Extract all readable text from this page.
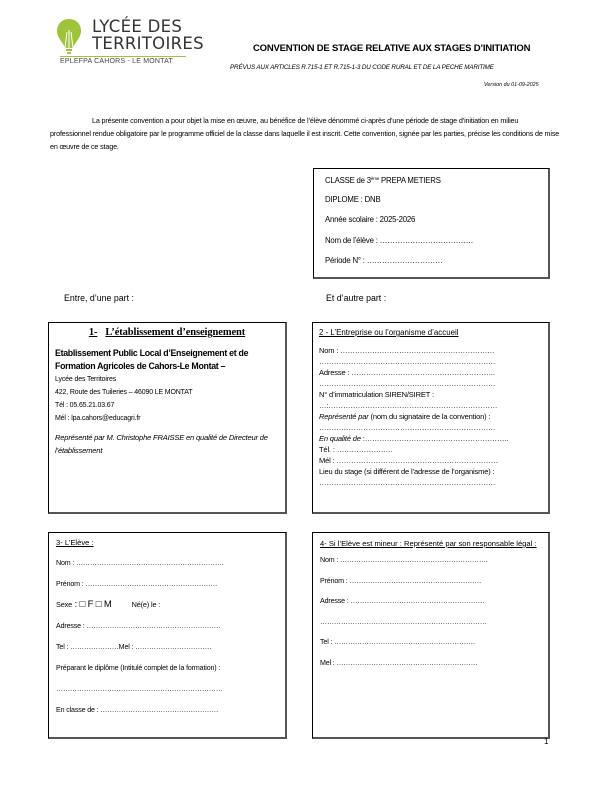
LYCÉE DES
TERRITOIRES
EPLEFPA CAHORS - LE MONTAT
CONVENTION DE STAGE RELATIVE AUX STAGES D’INITIATION
PRÉVUS AUX ARTICLES R.715-1 ET R.715-1-3 DU CODE RURAL ET DE LA PECHE MARITIME
Version du 01-09-2025
La présente convention a pour objet la mise en œuvre, au bénéfice de l’élève dénommé ci-après d’une période de stage d’initiation en milieu professionnel rendue obligatoire par le programme officiel de la classe dans laquelle il est inscrit. Cette convention, signée par les parties, précise les conditions de mise en œuvre de ce stage.
CLASSE de 3ème PREPA METIERS
DIPLOME : DNB
Année scolaire : 2025-2026
Nom de l’élève : ……………………………….
Période N° : …………………………
Entre, d’une part :	Et d’autre part :
1- L’établissement d’enseignement
Etablissement Public Local d’Enseignement et de Formation Agricoles de Cahors-Le Montat –
Lycée des Territoires
422, Route des Tuileries – 46090 LE MONTAT
Tél : 05.65.21.03.67
Mél : lpa.cahors@educagri.fr
Représenté par M. Christophe FRAISSE en qualité de Directeur de l’établissement
2 - L’Entreprise ou l’organisme d’accueil
Nom : ………………………………………………………
………………………………………………………………
Adresse : …………………………………………………..
………………………………………………………………
N° d’immatriculation SIREN/SIRET :
…:……………………………………………………………
Représenté par (nom du signataire de la convention) :
………………………………………………………………
En qualité de :…………………………………………………..
Tél. : …………………..
Mél : …………………………………………………………
Lieu du stage (si différent de l’adresse de l’organisme) :
………………………………………………………………
3- L’Elève :
Nom : ……………………………………………………….
Prénom : …………………………………………………
Sexe : □ F □ M	Né(e) le :
Adresse : ………………………………………………….
Tel : …………………Mel : ……………………………
Préparant le diplôme (Intitulé complet de la formation) :
………………………………………………………………
En classe de : ……………………………………………
4- Si l’Elève est mineur : Représenté par son responsable légal :
Nom : ……………………………………………………….
Prénom : …………………………………………………
Adresse : ………………………………………………….
………………………………………………………………
Tel : …………………………………………………….
Mel : …………………………………………………….
1
